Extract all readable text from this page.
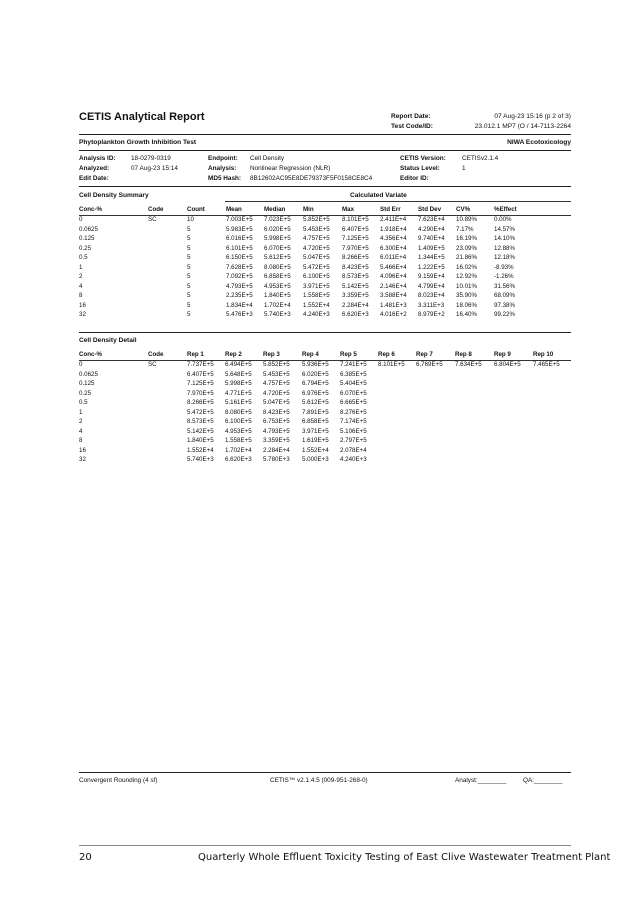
CETIS Analytical Report	Report Date:	07 Aug-23 15:16 (p 2 of 3)
Test Code/ID:	23.012.1 MP7 (O / 14-7113-2264
Phytoplankton Growth Inhibition Test	NIWA Ecotoxicology
Analysis ID: 18-0279-0319
Analyzed:	07 Aug-23 15:14
Edit Date:
Endpoint: Cell Density
Analysis: Nonlinear Regression (NLR)
MD5 Hash: 8B12602AC95E8DE79373F5F0158CE8C4
CETIS Version:	CETISv2.1.4
Status Level:	1
Editor ID:
Cell Density Summary	Calculated Variate
Conc-%	Code	Count	Mean	Median	Min	Max	Std Err	Std Dev	CV%	%Effect
0	SC	10	7.003E+5	7.023E+5	5.852E+5	8.101E+5	2.411E+4	7.623E+4	10.89%	0.00%
0.0625		5	5.983E+5	6.020E+5	5.453E+5	6.407E+5	1.918E+4	4.290E+4	7.17%	14.57%
0.125		5	6.016E+5	5.998E+5	4.757E+5	7.125E+5	4.356E+4	9.740E+4	16.19%	14.10%
0.25		5	6.101E+5	6.070E+5	4.720E+5	7.970E+5	6.300E+4	1.409E+5	23.09%	12.88%
0.5		5	6.150E+5	5.612E+5	5.047E+5	8.266E+5	6.011E+4	1.344E+5	21.86%	12.18%
1		5	7.628E+5	8.080E+5	5.472E+5	8.423E+5	5.466E+4	1.222E+5	16.02%	-8.93%
2		5	7.092E+5	6.858E+5	6.100E+5	8.573E+5	4.096E+4	9.159E+4	12.92%	-1.26%
4		5	4.793E+5	4.953E+5	3.971E+5	5.142E+5	2.146E+4	4.799E+4	10.01%	31.56%
8		5	2.235E+5	1.840E+5	1.558E+5	3.359E+5	3.588E+4	8.023E+4	35.90%	68.09%
16		5	1.834E+4	1.702E+4	1.552E+4	2.284E+4	1.481E+3	3.311E+3	18.06%	97.38%
32		5	5.476E+3	5.740E+3	4.240E+3	6.620E+3	4.016E+2	8.979E+2	16.40%	99.22%
Cell Density Detail
Conc-%	Code	Rep 1	Rep 2	Rep 3	Rep 4	Rep 5	Rep 6	Rep 7	Rep 8	Rep 9	Rep 10
0	SC	7.737E+5	6.494E+5	5.852E+5	5.936E+5	7.241E+5	8.101E+5	6.769E+5	7.634E+5	6.804E+5	7.465E+5
0.0625		6.407E+5	5.648E+5	5.453E+5	6.020E+5	6.385E+5					
0.125		7.125E+5	5.998E+5	4.757E+5	6.794E+5	5.404E+5					
0.25		7.970E+5	4.771E+5	4.720E+5	6.976E+5	6.070E+5					
0.5		8.266E+5	5.161E+5	5.047E+5	5.612E+5	6.665E+5					
1		5.472E+5	8.080E+5	8.423E+5	7.891E+5	8.276E+5					
2		8.573E+5	6.100E+5	6.753E+5	6.858E+5	7.174E+5					
4		5.142E+5	4.953E+5	4.793E+5	3.971E+5	5.106E+5					
8		1.840E+5	1.558E+5	3.359E+5	1.619E+5	2.797E+5					
16		1.552E+4	1.702E+4	2.284E+4	1.552E+4	2.078E+4					
32		5.740E+3	6.620E+3	5.780E+3	5.000E+3	4.240E+3					
Convergent Rounding (4 sf)	CETIS™ v2.1.4.5 (009-951-268-0)	Analyst:________	QA:________
20	Quarterly Whole Effluent Toxicity Testing of East Clive Wastewater Treatment Plant
